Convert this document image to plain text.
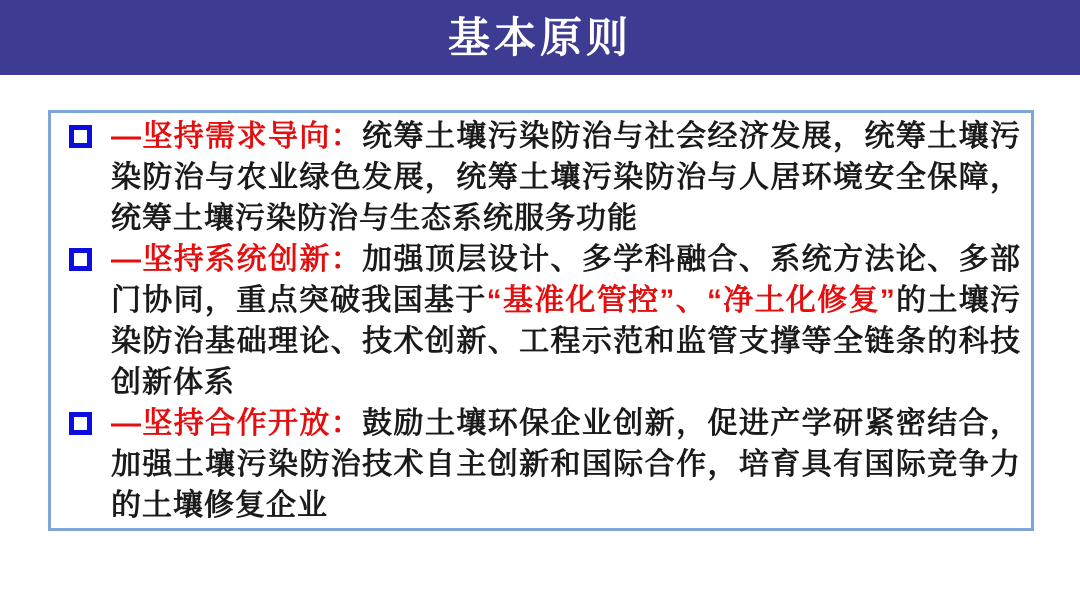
基本原则
—坚持需求导向：统筹土壤污染防治与社会经济发展，统筹土壤污染防治与农业绿色发展，统筹土壤污染防治与人居环境安全保障，统筹土壤污染防治与生态系统服务功能
—坚持系统创新：加强顶层设计、多学科融合、系统方法论、多部门协同，重点突破我国基于“基准化管控”、“净土化修复”的土壤污染防治基础理论、技术创新、工程示范和监管支撑等全链条的科技创新体系
—坚持合作开放：鼓励土壤环保企业创新，促进产学研紧密结合，加强土壤污染防治技术自主创新和国际合作，培育具有国际竞争力的土壤修复企业
